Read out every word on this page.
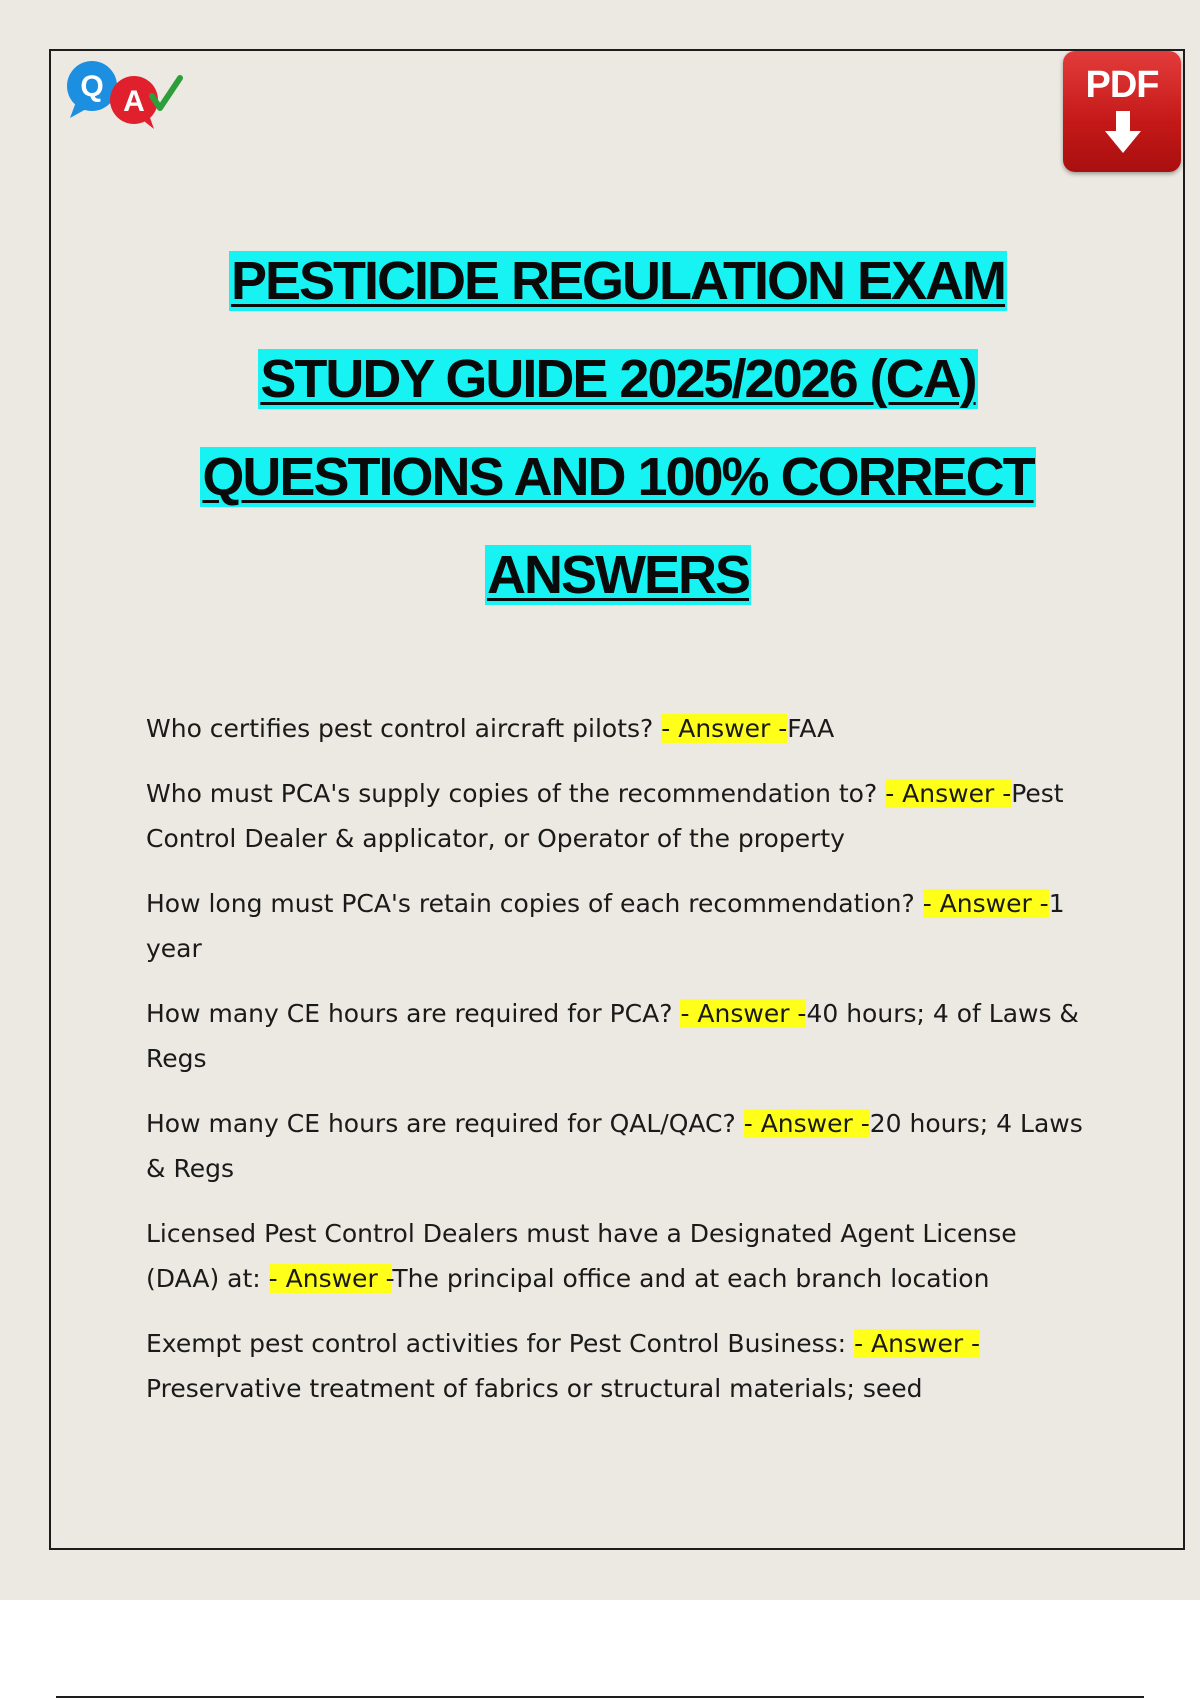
Q A	PDF
PESTICIDE REGULATION EXAM
STUDY GUIDE 2025/2026 (CA)
QUESTIONS AND 100% CORRECT
ANSWERS
Who certifies pest control aircraft pilots? - Answer -FAA
Who must PCA's supply copies of the recommendation to? - Answer -Pest Control Dealer & applicator, or Operator of the property
How long must PCA's retain copies of each recommendation? - Answer -1 year
How many CE hours are required for PCA? - Answer -40 hours; 4 of Laws & Regs
How many CE hours are required for QAL/QAC? - Answer -20 hours; 4 Laws & Regs
Licensed Pest Control Dealers must have a Designated Agent License (DAA) at: - Answer -The principal office and at each branch location
Exempt pest control activities for Pest Control Business: - Answer -Preservative treatment of fabrics or structural materials; seed
